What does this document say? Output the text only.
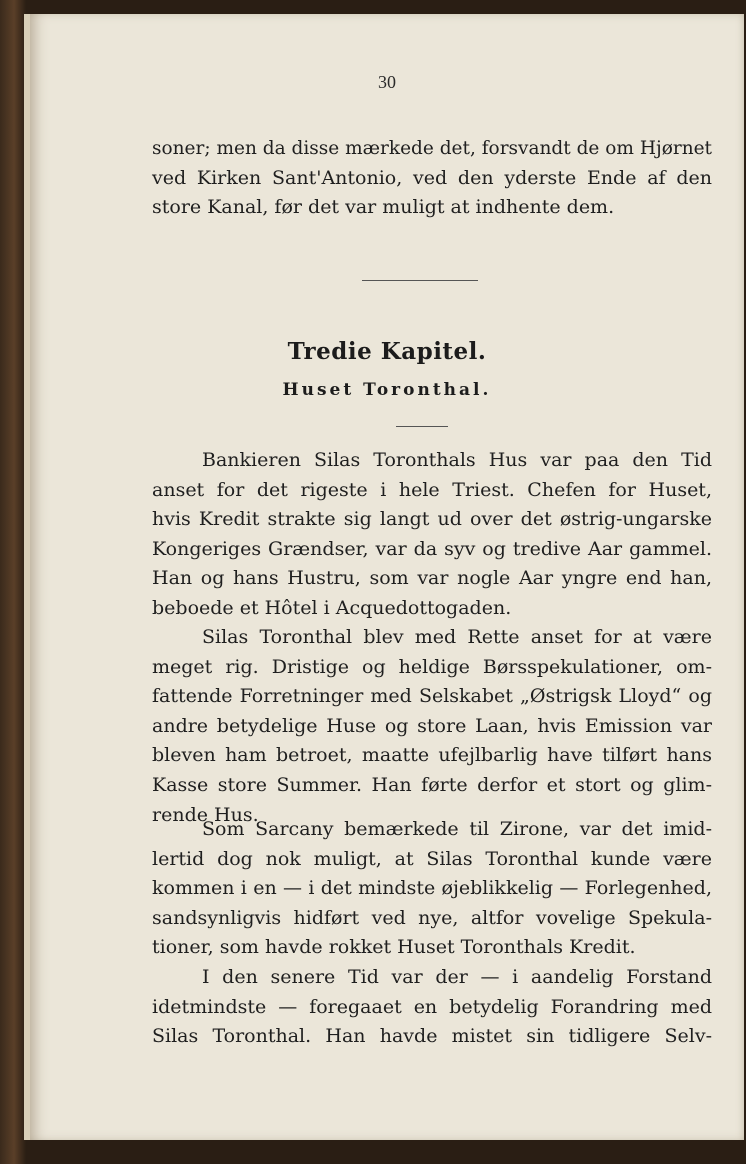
30
soner; men da disse mærkede det, forsvandt de om Hjørnet
ved Kirken Sant'Antonio, ved den yderste Ende af den
store Kanal, før det var muligt at indhente dem.
Tredie Kapitel.
Huset Toronthal.
Bankieren Silas Toronthals Hus var paa den Tid
anset for det rigeste i hele Triest. Chefen for Huset,
hvis Kredit strakte sig langt ud over det østrig-ungarske
Kongeriges Grændser, var da syv og tredive Aar gammel.
Han og hans Hustru, som var nogle Aar yngre end han,
beboede et Hôtel i Acquedottogaden.
Silas Toronthal blev med Rette anset for at være
meget rig. Dristige og heldige Børsspekulationer, om-
fattende Forretninger med Selskabet „Østrigsk Lloyd“ og
andre betydelige Huse og store Laan, hvis Emission var
bleven ham betroet, maatte ufejlbarlig have tilført hans
Kasse store Summer. Han førte derfor et stort og glim-
rende Hus.
Som Sarcany bemærkede til Zirone, var det imid-
lertid dog nok muligt, at Silas Toronthal kunde være
kommen i en — i det mindste øjeblikkelig — Forlegenhed,
sandsynligvis hidført ved nye, altfor vovelige Spekula-
tioner, som havde rokket Huset Toronthals Kredit.
I den senere Tid var der — i aandelig Forstand
idetmindste — foregaaet en betydelig Forandring med
Silas Toronthal. Han havde mistet sin tidligere Selv-
